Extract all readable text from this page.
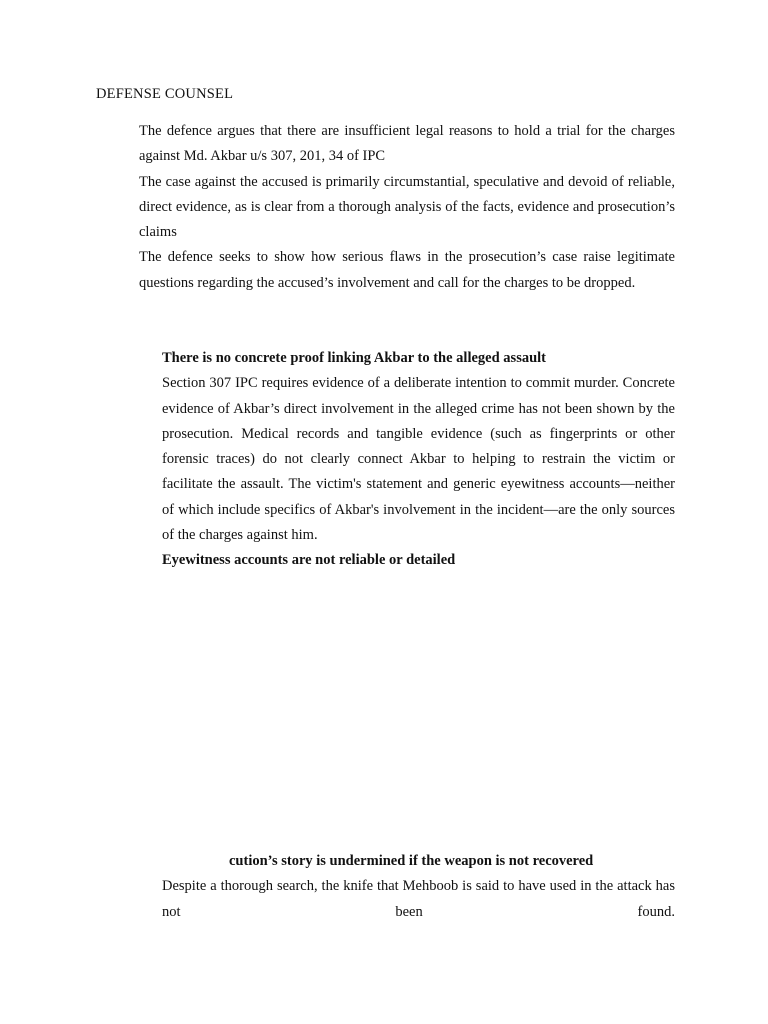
DEFENSE COUNSEL

The defence argues that there are insufficient legal reasons to hold a trial for the charges against Md. Akbar u/s 307, 201, 34 of IPC

The case against the accused is primarily circumstantial, speculative and devoid of reliable, direct evidence, as is clear from a thorough analysis of the facts, evidence and prosecution’s claims

The defence seeks to show how serious flaws in the prosecution’s case raise legitimate questions regarding the accused’s involvement and call for the charges to be dropped.

There is no concrete proof linking Akbar to the alleged assault

Section 307 IPC requires evidence of a deliberate intention to commit murder. Concrete evidence of Akbar’s direct involvement in the alleged crime has not been shown by the prosecution. Medical records and tangible evidence (such as fingerprints or other forensic traces) do not clearly connect Akbar to helping to restrain the victim or facilitate the assault. The victim's statement and generic eyewitness accounts—neither of which include specifics of Akbar's involvement in the incident—are the only sources of the charges against him.

Eyewitness accounts are not reliable or detailed

cution’s story is undermined if the weapon is not recovered

Despite a thorough search, the knife that Mehboob is said to have used in the attack has not been found.
